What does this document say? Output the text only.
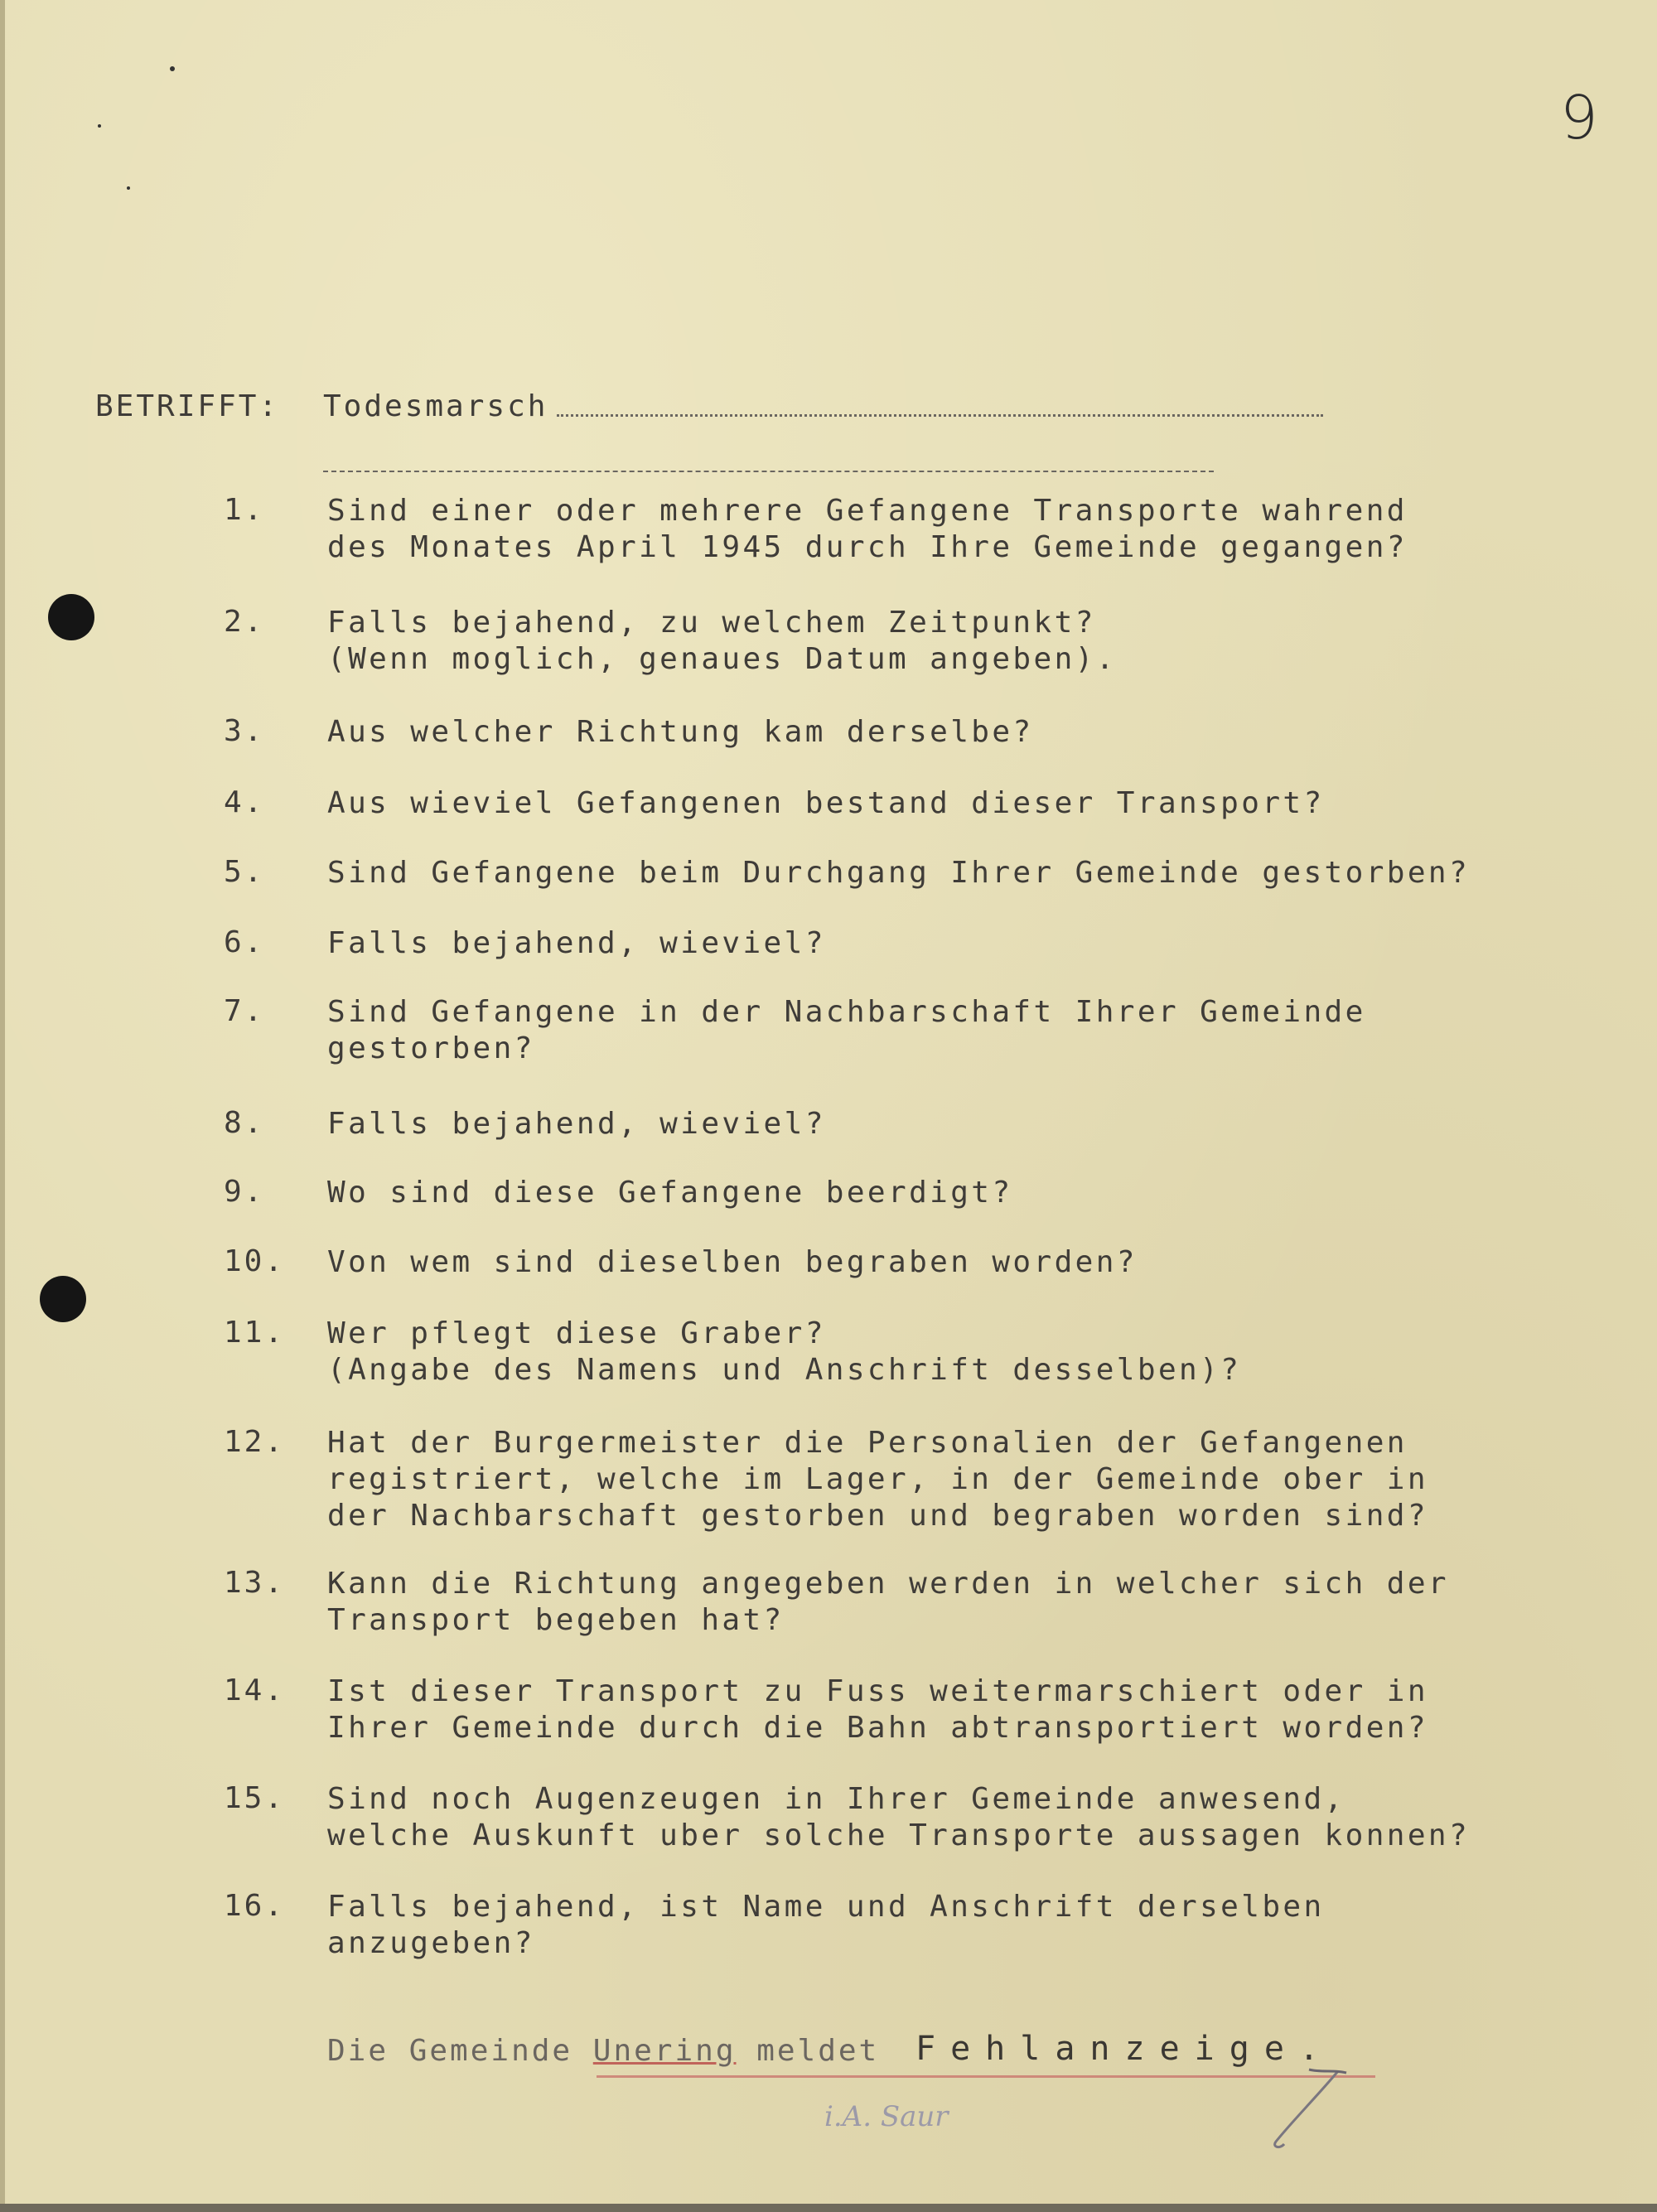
9
BETRIFFT: Todesmarsch
1.	Sind einer oder mehrere Gefangene Transporte wahrend
des Monates April 1945 durch Ihre Gemeinde gegangen?
2.	Falls bejahend, zu welchem Zeitpunkt?
(Wenn moglich, genaues Datum angeben).
3.	Aus welcher Richtung kam derselbe?
4.	Aus wieviel Gefangenen bestand dieser Transport?
5.	Sind Gefangene beim Durchgang Ihrer Gemeinde gestorben?
6.	Falls bejahend, wieviel?
7.	Sind Gefangene in der Nachbarschaft Ihrer Gemeinde
gestorben?
8.	Falls bejahend, wieviel?
9.	Wo sind diese Gefangene beerdigt?
10.	Von wem sind dieselben begraben worden?
11.	Wer pflegt diese Graber?
(Angabe des Namens und Anschrift desselben)?
12.	Hat der Burgermeister die Personalien der Gefangenen
registriert, welche im Lager, in der Gemeinde ober in
der Nachbarschaft gestorben und begraben worden sind?
13.	Kann die Richtung angegeben werden in welcher sich der
Transport begeben hat?
14.	Ist dieser Transport zu Fuss weitermarschiert oder in
Ihrer Gemeinde durch die Bahn abtransportiert worden?
15.	Sind noch Augenzeugen in Ihrer Gemeinde anwesend,
welche Auskunft uber solche Transporte aussagen konnen?
16.	Falls bejahend, ist Name und Anschrift derselben
anzugeben?
Die Gemeinde Unering meldet Fehlanzeige.
i.A. Saur
